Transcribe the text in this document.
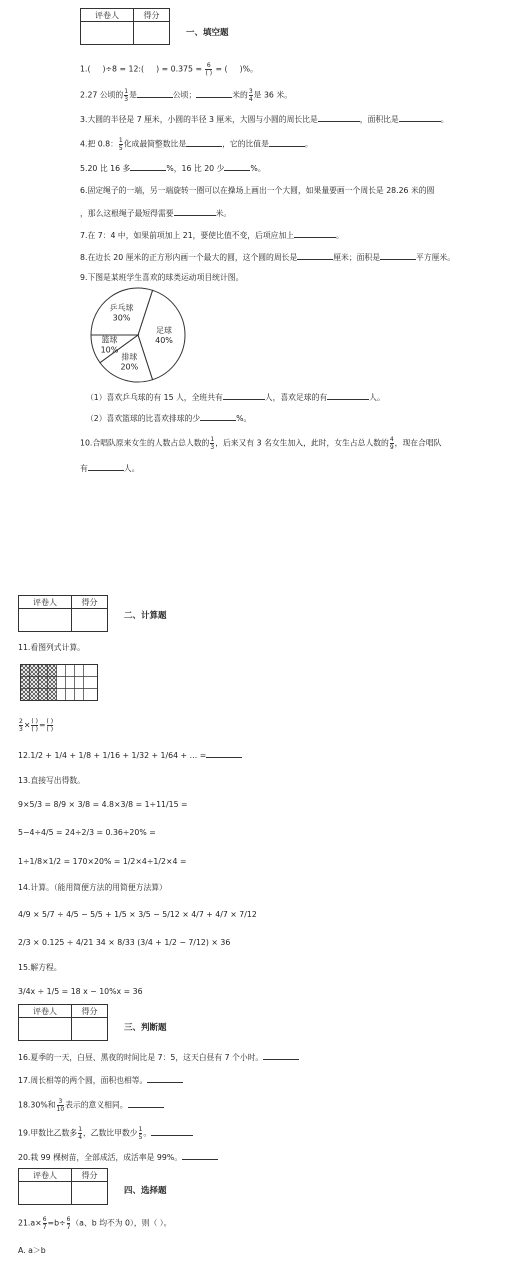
评卷人	得分

一、填空题
1.( )÷8 = 12:( ) = $0.375 = \frac{6}{( )}$ = ( )%。
2.27 公顷的 $\frac{1}{3}$ 是	公顷；	米的 $\frac{3}{4}$ 是 36 米。
3.大圆的半径是 7 厘米，小圆的半径 3 厘米，大圆与小圆的周长比是	，面积比是	。
4.把 0.8： $\frac{1}{5}$ 化成最简整数比是	，它的比值是	。
5.20 比 16 多	%，16 比 20 少	%。
6.固定绳子的一端，另一端旋转一圈可以在操场上画出一个大圆，如果量要画一个周长是 28.26 米的圆
，那么这根绳子最短得需要	米。
7.在 7：4 中，如果前项加上 21，要使比值不变，后项应加上	。
8.在边长 20 厘米的正方形内画一个最大的圆，这个圆的周长是	厘米；面积是	平方厘米。
9.下图是某班学生喜欢的球类运动项目统计图。
足球
40%
排球
20%
篮球
10%
乒乓球
30%
（1）喜欢乒乓球的有 15 人，全班共有	人，喜欢足球的有	人。
（2）喜欢篮球的比喜欢排球的少	%。
10.合唱队原来女生的人数占总人数的 $\frac{1}{3}$ ，后来又有 3 名女生加入，此时，女生占总人数的 $\frac{4}{9}$ ，现在合唱队
有	人。
评卷人	得分

二、计算题
11.看图列式计算。
$\frac{2}{3} \times \frac{( )}{( )} = \frac{( )}{( )}$
12.1/2 + 1/4 + 1/8 + 1/16 + 1/32 + 1/64 + … =
13.直接写出得数。
9×5/3 = 8/9 × 3/8 = 4.8×3/8 = 1÷11/15 =
5−4÷4/5 = 24÷2/3 = 0.36÷20% =
1÷1/8×1/2 = 170×20% = 1/2×4÷1/2×4 =
14.计算。（能用简便方法的用简便方法算）
4/9 × 5/7 ÷ 4/5 − 5/5 + 1/5 × 3/5 − 5/12 × 4/7 + 4/7 × 7/12
2/3 × 0.125 ÷ 4/21 34 × 8/33 (3/4 + 1/2 − 7/12) × 36
15.解方程。
3/4x ÷ 1/5 = 18 x − 10%x = 36
评卷人	得分

三、判断题
16.夏季的一天，白昼、黑夜的时间比是 7：5，这天白昼有 7 个小时。
17.周长相等的两个圆，面积也相等。
18.30%和 $\frac{3}{10}$ 表示的意义相同。
19.甲数比乙数多 $\frac{1}{4}$ ，乙数比甲数少 $\frac{1}{5}$ 。
20.栽 99 棵树苗，全部成活，成活率是 99%。
评卷人	得分

四、选择题
$21.a\times \frac{6}{7} =b\div \frac{6}{7} (a$、b 均不为 0），则（ ）。
A. a＞b
